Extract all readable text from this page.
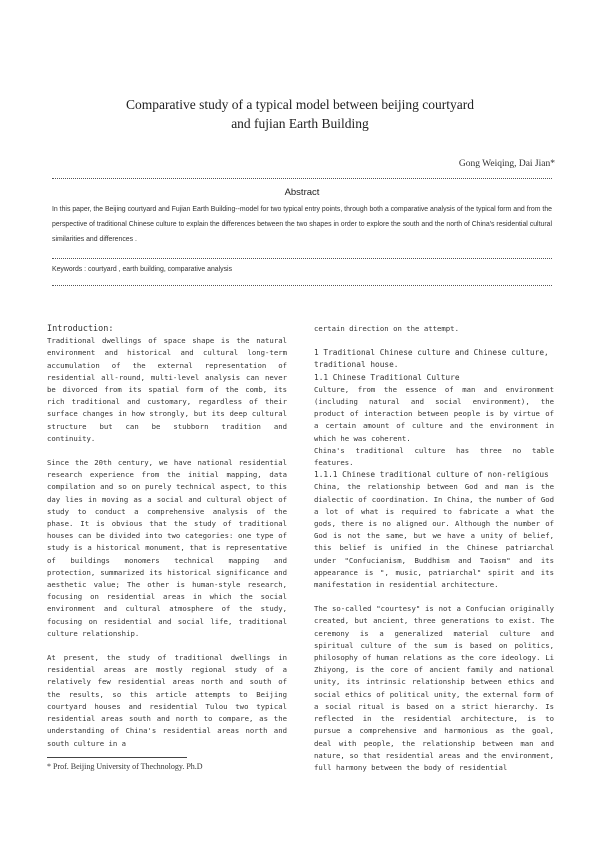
Comparative study of a typical model between beijing courtyard
and fujian Earth Building
Gong Weiqing, Dai Jian*
Abstract
In this paper, the Beijing courtyard and Fujian Earth Building--model for two typical entry points, through both a comparative analysis of the typical form and from the perspective of traditional Chinese culture to explain the differences between the two shapes in order to explore the south and the north of China's residential cultural similarities and differences .
Keywords : courtyard , earth building, comparative analysis

Introduction:

Traditional dwellings of space shape is the natural environment and historical and cultural long-term accumulation of the external representation of residential all-round, multi-level analysis can never be divorced from its spatial form of the comb, its rich traditional and customary, regardless of their surface changes in how strongly, but its deep cultural structure but can be stubborn tradition and continuity.

Since the 20th century, we have national residential research experience from the initial mapping, data compilation and so on purely technical aspect, to this day lies in moving as a social and cultural object of study to conduct a comprehensive analysis of the phase. It is obvious that the study of traditional houses can be divided into two categories: one type of study is a historical monument, that is representative of buildings monomers technical mapping and protection, summarized its historical significance and aesthetic value; The other is human-style research, focusing on residential areas in which the social environment and cultural atmosphere of the study, focusing on residential and social life, traditional culture relationship.

At present, the study of traditional dwellings in residential areas are mostly regional study of a relatively few residential areas north and south of the results, so this article attempts to Beijing courtyard houses and residential Tulou two typical residential areas south and north to compare, as the understanding of China's residential areas north and south culture in a

certain direction on the attempt.

1 Traditional Chinese culture and Chinese culture,

traditional house.

1.1 Chinese Traditional Culture

Culture, from the essence of man and environment (including natural and social environment), the product of interaction between people is by virtue of a certain amount of culture and the environment in which he was coherent.

China's traditional culture has three no table features.

1.1.1 Chinese traditional culture of non-religious

China, the relationship between God and man is the dialectic of coordination. In China, the number of God a lot of what is required to fabricate a what the gods, there is no aligned our. Although the number of God is not the same, but we have a unity of belief, this belief is unified in the Chinese patriarchal under "Confucianism, Buddhism and Taoism" and its appearance is ", music, patriarchal" spirit and its manifestation in residential architecture.

The so-called "courtesy" is not a Confucian originally created, but ancient, three generations to exist. The ceremony is a generalized material culture and spiritual culture of the sum is based on politics, philosophy of human relations as the core ideology. Li Zhiyong, is the core of ancient family and national unity, its intrinsic relationship between ethics and social ethics of political unity, the external form of a social ritual is based on a strict hierarchy. Is reflected in the residential architecture, is to pursue a comprehensive and harmonious as the goal, deal with people, the relationship between man and nature, so that residential areas and the environment, full harmony between the body of residential

* Prof. Beijing University of Thechnology. Ph.D
